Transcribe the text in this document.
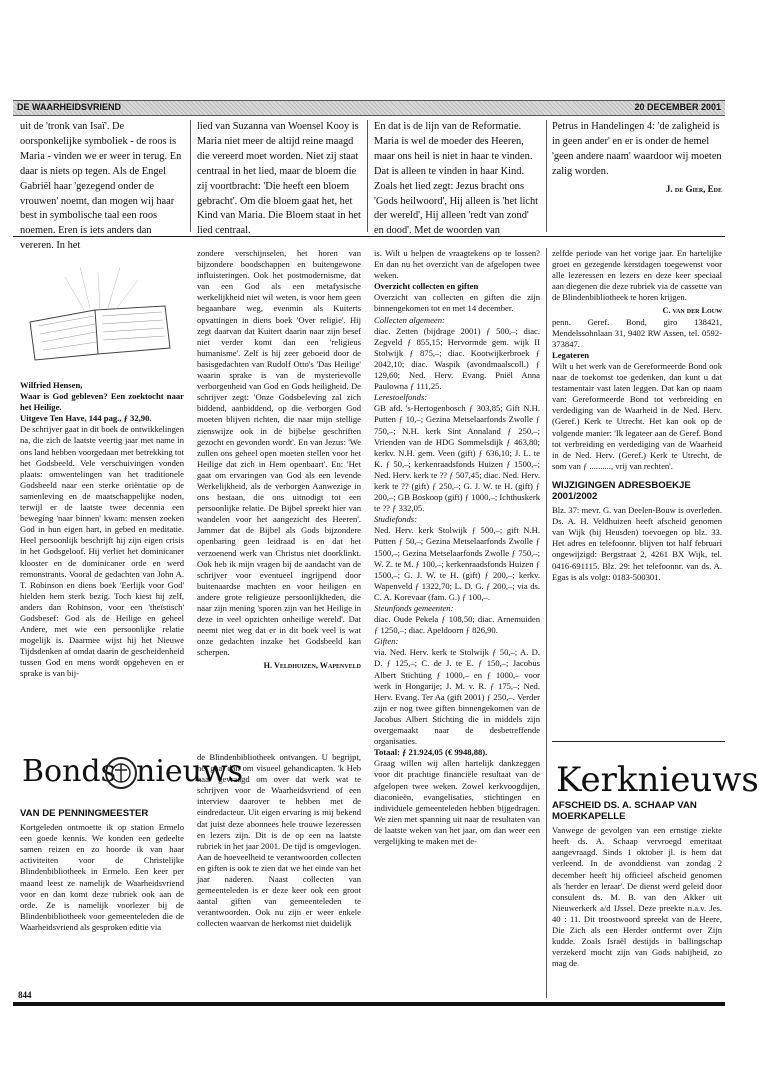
DE WAARHEIDSVRIEND	20 DECEMBER 2001

uit de 'tronk van Isaï'. De oorsponkelijke symboliek - de roos is Maria - vinden we er weer in terug. En daar is niets op tegen. Als de Engel Gabriël haar 'gezegend onder de vrouwen' noemt, dan mogen wij haar best in symbolische taal een roos noemen. Eren is iets anders dan vereren. In het

lied van Suzanna van Woensel Kooy is Maria niet meer de altijd reine maagd die vereerd moet worden. Niet zij staat centraal in het lied, maar de bloem die zij voortbracht: 'Die heeft een bloem gebracht'. Om die bloem gaat het, het Kind van Maria. Die Bloem staat in het lied centraal.

En dat is de lijn van de Reformatie. Maria is wel de moeder des Heeren, maar ons heil is niet in haar te vinden. Dat is alleen te vinden in haar Kind. Zoals het lied zegt: Jezus bracht ons 'Gods heilwoord', Hij alleen is 'het licht der wereld', Hij alleen 'redt van zond' en dood'. Met de woorden van

Petrus in Handelingen 4: 'de zaligheid is in geen ander' en er is onder de hemel 'geen andere naam' waardoor wij moeten zalig worden.

J. de Gier, Ede

Wilfried Hensen,

Waar is God gebleven? Een zoektocht naar het Heilige.

Uitgeve Ten Have, 144 pag., ƒ 32,90.

De schrijver gaat in dit boek de ontwikkelingen na, die zich de laatste veertig jaar met name in ons land hebben voorgedaan met betrekking tot het Godsbeeld. Vele verschuivingen vonden plaats: omwentelingen van het traditionele Godsbeeld naar een sterke oriëntatie op de samenleving en de maatschappelijke noden, terwijl er de laatste twee decennia een beweging 'naar binnen' kwam: mensen zoeken God in hun eigen hart, in gebed en meditatie. Heel persoonlijk beschrijft hij zijn eigen crisis in het Godsgeloof. Hij verliet het dominicaner klooster en de dominicaner orde en werd remonstrants. Vooral de gedachten van John A. T. Robinson en diens boek 'Eerlijk voor God' hielden hem sterk bezig. Toch kiest hij zelf, anders dan Robinson, voor een 'theïstisch' Godsbesef: God als de Heilige en geheel Andere, met wie een persoonlijke relatie mogelijk is. Daarmee wijst hij het Nieuwe Tijdsdenken af omdat daarin de gescheidenheid tussen God en mens wordt opgeheven en er sprake is van bij-

zondere verschijnselen, het horen van bijzondere boodschappen en buitengewone influisteringen. Ook het postmodernisme, dat van een God als een metafysische werkelijkheid niet wil weten, is voor hem geen begaanbare weg, evenmin als Kuiterts opvattingen in diens boek 'Over religie'. Hij zegt daarvan dat Kuitert daarin naar zijn besef niet verder komt dan een 'religieus humanisme'. Zelf is hij zeer geboeid door de basisgedachten van Rudolf Otto's 'Das Heilige' waarin sprake is van de mysterievolle verborgenheid van God en Gods heiligheid. De schrijver zegt: 'Onze Godsbeleving zal zich biddend, aanbiddend, op die verborgen God moeten blijven richten, die naar mijn stellige zienswijze ook in de bijbelse geschriften gezocht en gevonden wordt'. En van Jezus: 'We zullen ons geheel open moeten stellen voor het Heilige dat zich in Hem openbaart'. En: 'Het gaat om ervaringen van God als een levende Werkelijkheid, als de verborgen Aanwezige in ons bestaan, die ons uitnodigt tot een persoonlijke relatie. De Bijbel spreekt hier van wandelen voor het aangezicht des Heeren'. Jammer dat de Bijbel als Gods bijzondere openbaring geen leidraad is en dat het verzoenend werk van Christus niet doorklinkt. Ook heb ik mijn vragen bij de aandacht van de schrijver voor eventueel ingrijpend door buitenaardse machten en voor heiligen en andere grote religieuze persoonlijkheden, die naar zijn mening 'sporen zijn van het Heilige in deze in veel opzichten onheilige wereld'. Dat neemt niet weg dat er in dit boek veel is wat onze gedachten inzake het Godsbeeld kan scherpen.

H. Veldhuizen, Wapenveld

is. Wilt u helpen de vraagtekens op te lossen? En dan nu het overzicht van de afgelopen twee weken.

Overzicht collecten en giften

Overzicht van collecten en giften die zijn binnengekomen tot en met 14 december.

Collecten algemeen:

diac. Zetten (bijdrage 2001) ƒ 500,–; diac. Zegveld ƒ 855,15; Hervormde gem. wijk II Stolwijk ƒ 875,–; diac. Kootwijkerbroek ƒ 2042,10; diac. Waspik (avondmaalscoll.) ƒ 129,60; Ned. Herv. Evang. Pniël Anna Paulowna ƒ 111,25.

Lerestoelfonds:

GB afd. 's-Hertogenbosch ƒ 303,85; Gift N.H. Putten ƒ 10,–; Gezina Metselaarfonds Zwolle ƒ 750,–; N.H. kerk Sint Annaland ƒ 250,–; Vrienden van de HDG Sommelsdijk ƒ 463,80; kerkv. N.H. gem. Veen (gift) ƒ 636,10; J. L. te K. ƒ 50,–; kerkenraadsfonds Huizen ƒ 1500,–; Ned. Herv. kerk te ?? ƒ 507,45; diac. Ned. Herv. kerk te ?? (gift) ƒ 250,–; G. J. W. te H. (gift) ƒ 200,–; GB Boskoop (gift) ƒ 1000,–; Ichthuskerk te ?? ƒ 332,05.

Studiefonds:

Ned. Herv. kerk Stolwijk ƒ 500,–; gift N.H. Putten ƒ 50,–; Gezina Metselaarfonds Zwolle ƒ 1500,–; Gezina Metselaarfonds Zwolle ƒ 750,–; W. Z. te M. ƒ 100,–; kerkenraadsfonds Huizen ƒ 1500,–; G. J. W. te H. (gift) ƒ 200,–; kerkv. Wapenveld ƒ 1322,70; L. D. G. ƒ 200,–; via ds. C. A. Korevaar (fam. G.) ƒ 100,–.

Steunfonds gemeenten:

diac. Oude Pekela ƒ 108,50; diac. Arnemuiden ƒ 1250,–; diac. Apeldoorn ƒ 826,90.

Giften:

via. Ned. Herv. kerk te Stolwijk ƒ 50,–; A. D. D. ƒ 125,–; C. de J. te E. ƒ 150,–; Jacobus Albert Stichting ƒ 1000,– en ƒ 1000,– voor werk in Hongarije; J. M. v. R. ƒ 175,–; Ned. Herv. Evang. Ter Aa (gift 2001) ƒ 250,–. Verder zijn er nog twee giften binnengekomen van de Jacobus Albert Stichting die in middels zijn overgemaakt naar de desbetreffende organisaties.

Totaal: ƒ 21.924,05 (€ 9948,88).

Graag willen wij allen hartelijk dankzeggen voor dit prachtige financiële resultaat van de afgelopen twee weken. Zowel kerkvoogdijen, diaconieën, evangelisaties, stichtingen en individuele gemeenteleden hebben bijgedragen. We zien met spanning uit naar de resultaten van de laatste weken van het jaar, om dan weer een vergelijking te maken met de-

zelfde periode van het vorige jaar. En hartelijke groet en gezegende kerstdagen toegewenst voor alle lezeressen en lezers en deze keer speciaal aan diegenen die deze rubriek via de cassette van de Blindenbibliotheek te horen krijgen.

C. van der Louw

penn. Geref. Bond, giro 138421, Mendelssohnlaan 31, 9402 RW Assen, tel. 0592-373847.

Legateren

Wilt u het werk van de Gereformeerde Bond ook naar de toekomst toe gedenken, dan kunt u dat testamentair vast laten leggen. Dat kan op naam van: Gereformeerde Bond tot verbreiding en verdediging van de Waarheid in de Ned. Herv. (Geref.) Kerk te Utrecht. Het kan ook op de volgende manier: 'Ik legateer aan de Geref. Bond tot verbreiding en verdediging van de Waarheid in de Ned. Herv. (Geref.) Kerk te Utrecht, de som van ƒ .........., vrij van rechten'.

WIJZIGINGEN ADRESBOEKJE 2001/2002

Blz. 37: mevr. G. van Deelen-Bouw is overleden. Ds. A. H. Veldhuizen heeft afscheid genomen van Wijk (bij Heusden) toevoegen op blz. 33. Het adres en telefoonnr. blijven tot half februari ongewijzigd: Bergstraat 2, 4261 BX Wijk, tel. 0416-691115. Blz. 29: het telefoonnr. van ds. A. Egas is als volgt: 0183-500301.

Bonds nieuws
VAN DE PENNINGMEESTER

Kortgeleden ontmoette ik op station Ermelo een goede kennis. We konden een gedeelte samen reizen en zo hoorde ik van haar activiteiten voor de Christelijke Blindenbibliotheek in Ermelo. Een keer per maand leest ze namelijk de Waarheidsvriend voor en dan komt deze rubriek ook aan de orde. Ze is namelijk voorlezer bij de Blindenbibliotheek voor gemeenteleden die de Waarheidsvriend als gesproken editie via

de Blindenbibliotheek ontvangen. U begrijpt, het gaat dan om visueel gehandicapten. 'k Heb haar gevraagd om over dat werk wat te schrijven voor de Waarheidsvriend of een interview daarover te hebben met de eindredacteur. Uit eigen ervaring is mij bekend dat juist deze abonnees hele trouwe lezeressen en lezers zijn. Dit is de op een na laatste rubriek in het jaar 2001. De tijd is omgevlogen. Aan de hoeveelheid te verantwoorden collecten en giften is ook te zien dat we het einde van het jaar naderen. Naast collecten van gemeenteleden is er deze keer ook een groot aantal giften van gemeenteleden te verantwoorden. Ook nu zijn er weer enkele collecten waarvan de herkomst niet duidelijk

Kerknieuws
AFSCHEID DS. A. SCHAAP VAN MOERKAPELLE

Vanwege de gevolgen van een ernstige ziekte heeft ds. A. Schaap vervroegd emeritaat aangevraagd. Sinds 1 oktober jl. is hem dat verleend. In de avonddienst van zondag 2 december heeft hij officieel afscheid genomen als 'herder en leraar'. De dienst werd geleid door consulent ds. M. B. van den Akker uit Nieuwerkerk a/d IJssel. Deze preekte n.a.v. Jes. 40 : 11. Dit troostwoord spreekt van de Heere, Die Zich als een Herder ontfermt over Zijn kudde. Zoals Israël destijds in ballingschap verzekerd mocht zijn van Gods nabijheid, zo mag de

844
